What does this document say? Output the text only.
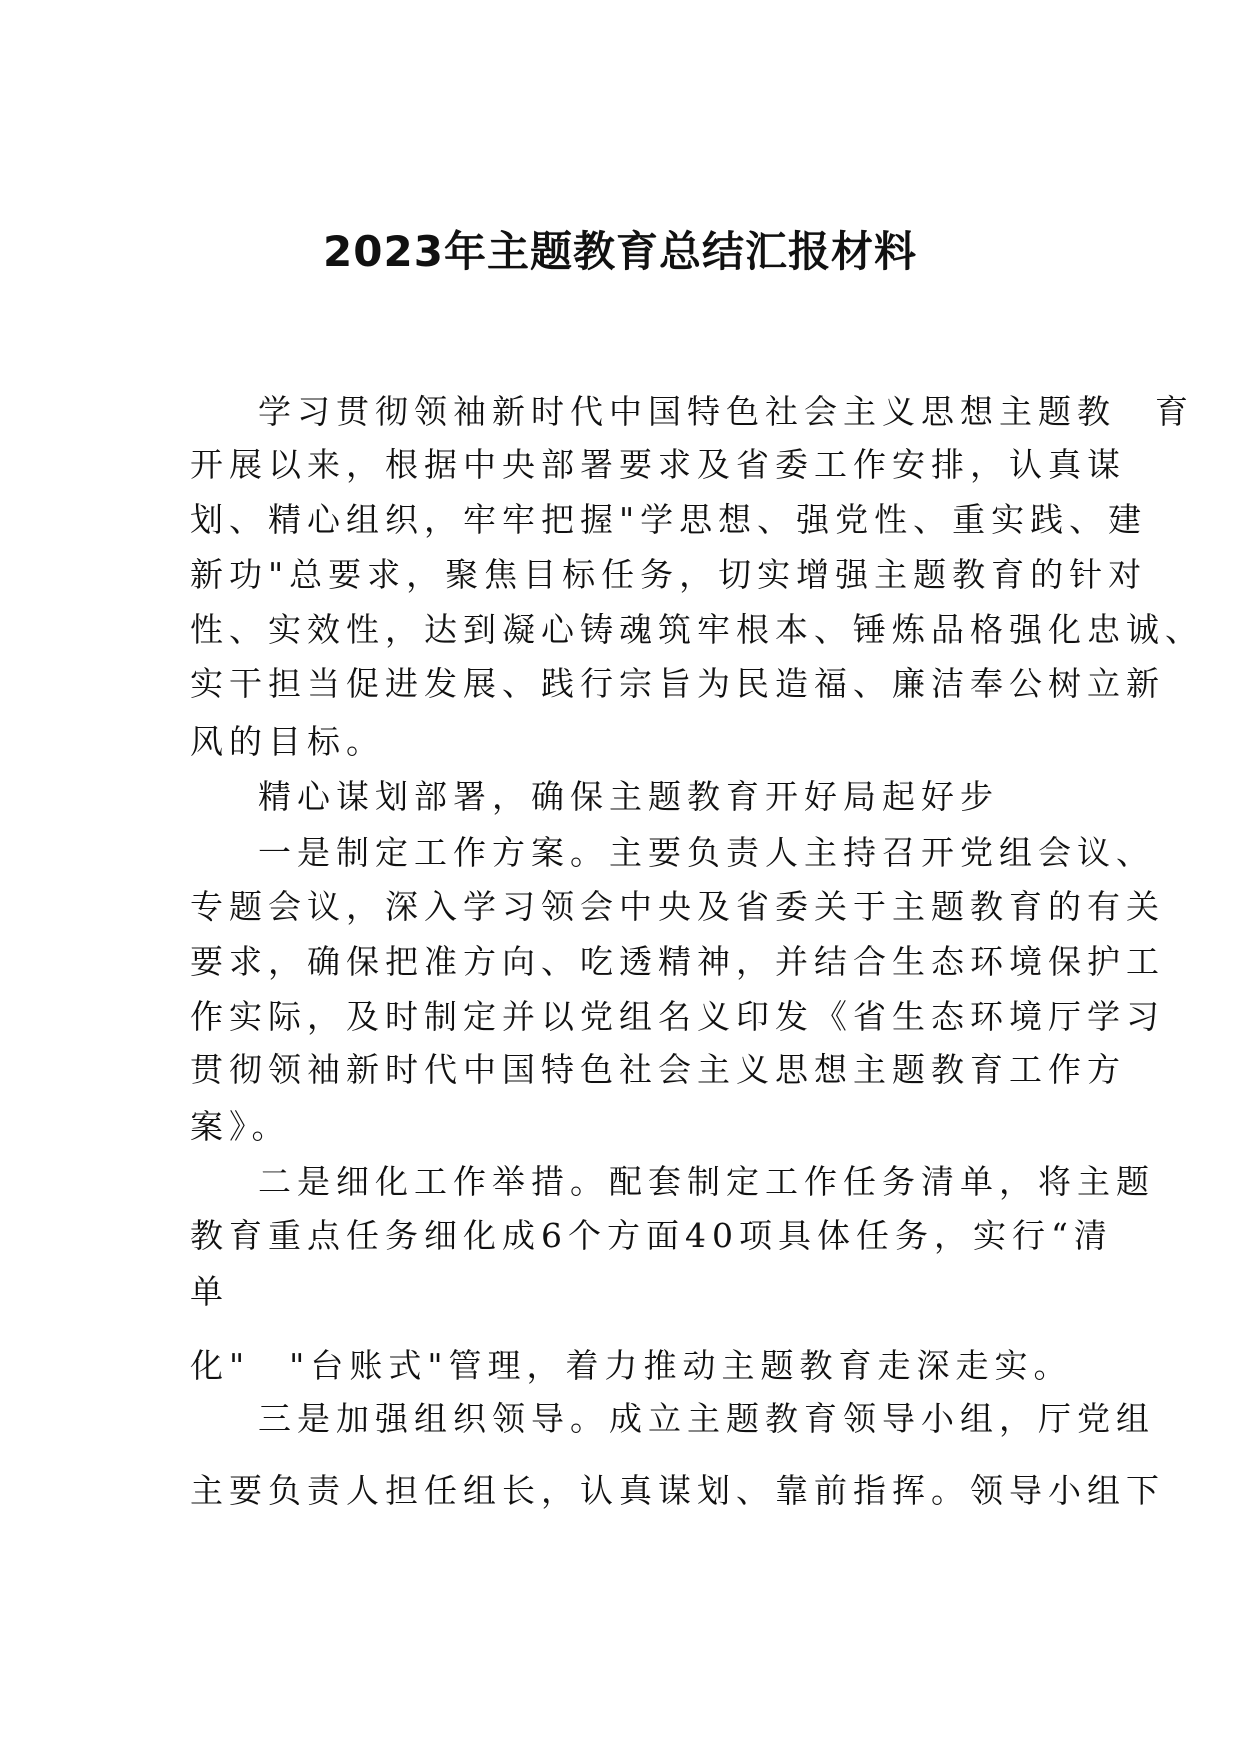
2023年主题教育总结汇报材料

学习贯彻领袖新时代中国特色社会主义思想主题教　育

开展以来，根据中央部署要求及省委工作安排，认真谋

划、精心组织，牢牢把握"学思想、强党性、重实践、建

新功"总要求，聚焦目标任务，切实增强主题教育的针对

性、实效性，达到凝心铸魂筑牢根本、锤炼品格强化忠诚、

实干担当促进发展、践行宗旨为民造福、廉洁奉公树立新

风的目标。

精心谋划部署，确保主题教育开好局起好步

一是制定工作方案。主要负责人主持召开党组会议、

专题会议，深入学习领会中央及省委关于主题教育的有关

要求，确保把准方向、吃透精神，并结合生态环境保护工

作实际，及时制定并以党组名义印发《省生态环境厅学习

贯彻领袖新时代中国特色社会主义思想主题教育工作方

案》。

二是细化工作举措。配套制定工作任务清单，将主题

教育重点任务细化成6个方面40项具体任务，实行“清

单

化"　"台账式"管理，着力推动主题教育走深走实。

三是加强组织领导。成立主题教育领导小组，厅党组

主要负责人担任组长，认真谋划、靠前指挥。领导小组下
